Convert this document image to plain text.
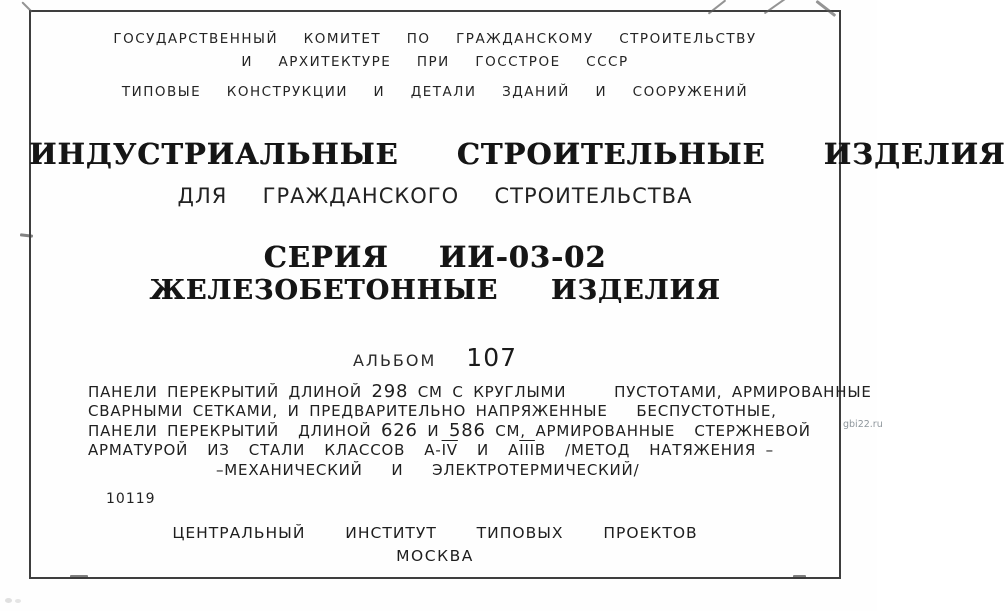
ГОСУДАРСТВЕННЫЙ  КОМИТЕТ  ПО  ГРАЖДАНСКОМУ  СТРОИТЕЛЬСТВУ
И  АРХИТЕКТУРЕ  ПРИ  ГОССТРОЕ  СССР
ТИПОВЫЕ  КОНСТРУКЦИИ  И  ДЕТАЛИ  ЗДАНИЙ  И  СООРУЖЕНИЙ
ИНДУСТРИАЛЬНЫЕ  СТРОИТЕЛЬНЫЕ  ИЗДЕЛИЯ
ДЛЯ  ГРАЖДАНСКОГО  СТРОИТЕЛЬСТВА
СЕРИЯ  ИИ-03-02
ЖЕЛЕЗОБЕТОННЫЕ  ИЗДЕЛИЯ
АЛЬБОМ 107
ПАНЕЛИ ПЕРЕКРЫТИЙ ДЛИНОЙ 298 СМ С КРУГЛЫМИ     ПУСТОТАМИ, АРМИРОВАННЫЕ
СВАРНЫМИ СЕТКАМИ, И ПРЕДВАРИТЕЛЬНО НАПРЯЖЕННЫЕ   БЕСПУСТОТНЫЕ,
ПАНЕЛИ ПЕРЕКРЫТИЙ  ДЛИНОЙ 626 И 586 СМ, АРМИРОВАННЫЕ  СТЕРЖНЕВОЙ
АРМАТУРОЙ  ИЗ  СТАЛИ  КЛАССОВ  $А-\overline{IV}$  И  $А\overline{III}В$  /МЕТОД  НАТЯЖЕНИЯ –
–МЕХАНИЧЕСКИЙ   И   ЭЛЕКТРОТЕРМИЧЕСКИЙ/
10119
ЦЕНТРАЛЬНЫЙ  ИНСТИТУТ  ТИПОВЫХ  ПРОЕКТОВ
МОСКВА
gbi22.ru
